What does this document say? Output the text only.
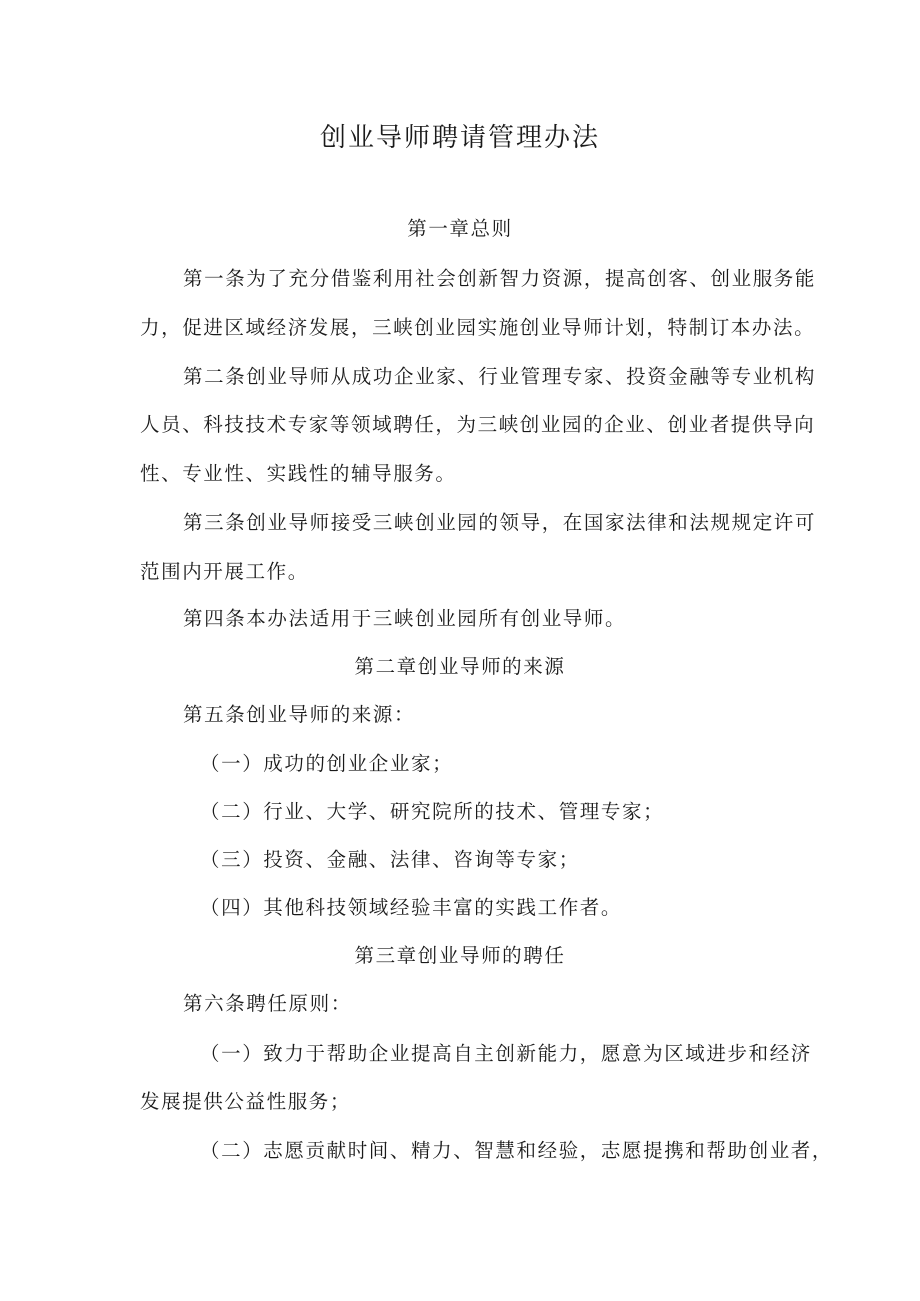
创业导师聘请管理办法
第一章总则
第一条为了充分借鉴利用社会创新智力资源，提高创客、创业服务能
力，促进区域经济发展，三峡创业园实施创业导师计划，特制订本办法。
第二条创业导师从成功企业家、行业管理专家、投资金融等专业机构
人员、科技技术专家等领域聘任，为三峡创业园的企业、创业者提供导向
性、专业性、实践性的辅导服务。
第三条创业导师接受三峡创业园的领导，在国家法律和法规规定许可
范围内开展工作。
第四条本办法适用于三峡创业园所有创业导师。
第二章创业导师的来源
第五条创业导师的来源：
（一）成功的创业企业家；
（二）行业、大学、研究院所的技术、管理专家；
（三）投资、金融、法律、咨询等专家；
（四）其他科技领域经验丰富的实践工作者。
第三章创业导师的聘任
第六条聘任原则：
（一）致力于帮助企业提高自主创新能力，愿意为区域进步和经济
发展提供公益性服务；
（二）志愿贡献时间、精力、智慧和经验，志愿提携和帮助创业者，
